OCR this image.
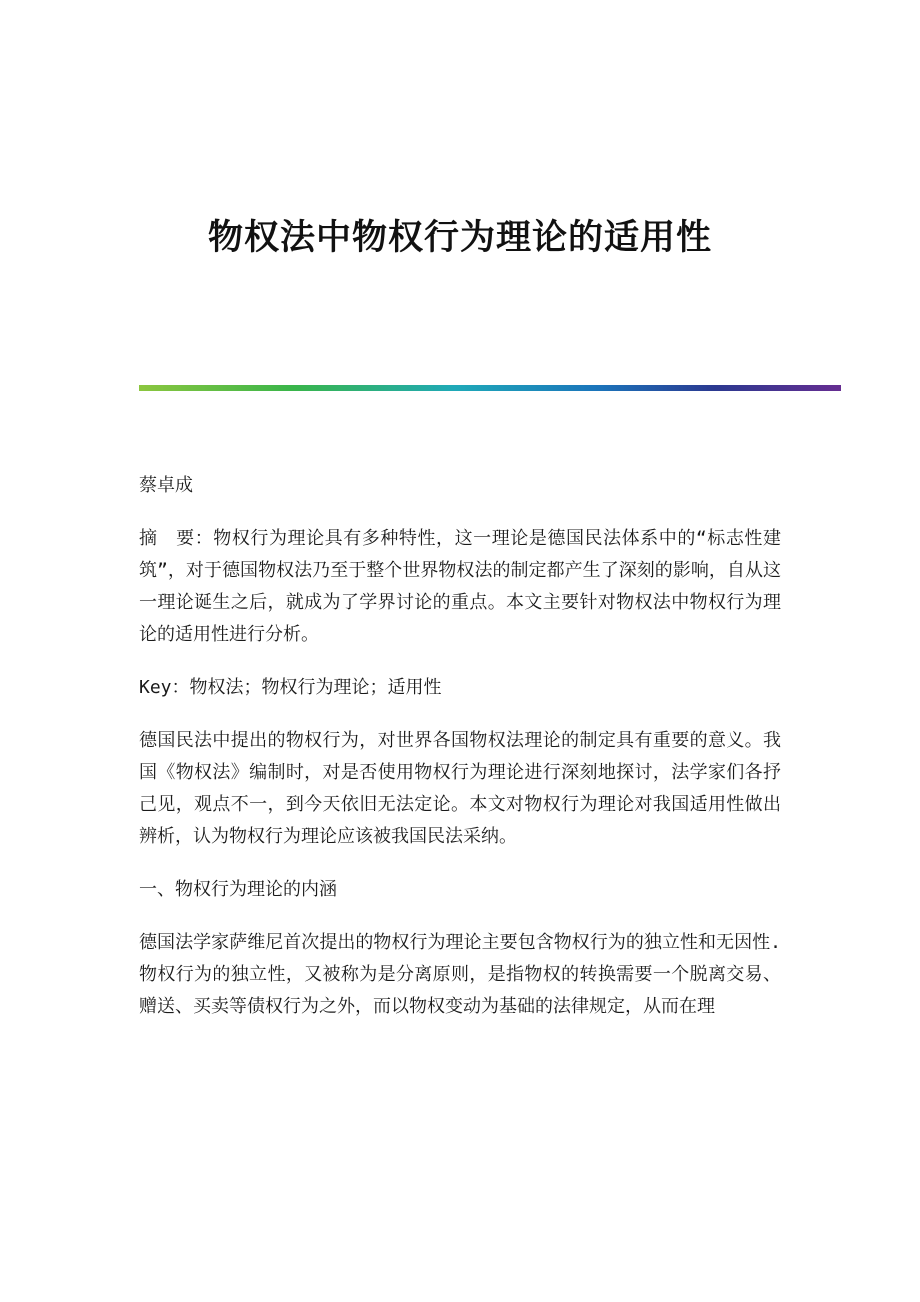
物权法中物权行为理论的适用性

蔡卓成

摘　要：物权行为理论具有多种特性，这一理论是德国民法体系中的“标志性建筑”，对于德国物权法乃至于整个世界物权法的制定都产生了深刻的影响，自从这一理论诞生之后，就成为了学界讨论的重点。本文主要针对物权法中物权行为理论的适用性进行分析。

Key：物权法；物权行为理论；适用性

德国民法中提出的物权行为，对世界各国物权法理论的制定具有重要的意义。我国《物权法》编制时，对是否使用物权行为理论进行深刻地探讨，法学家们各抒己见，观点不一，到今天依旧无法定论。本文对物权行为理论对我国适用性做出辨析，认为物权行为理论应该被我国民法采纳。

一、物权行为理论的内涵

德国法学家萨维尼首次提出的物权行为理论主要包含物权行为的独立性和无因性.物权行为的独立性，又被称为是分离原则，是指物权的转换需要一个脱离交易、赠送、买卖等债权行为之外，而以物权变动为基础的法律规定，从而在理
